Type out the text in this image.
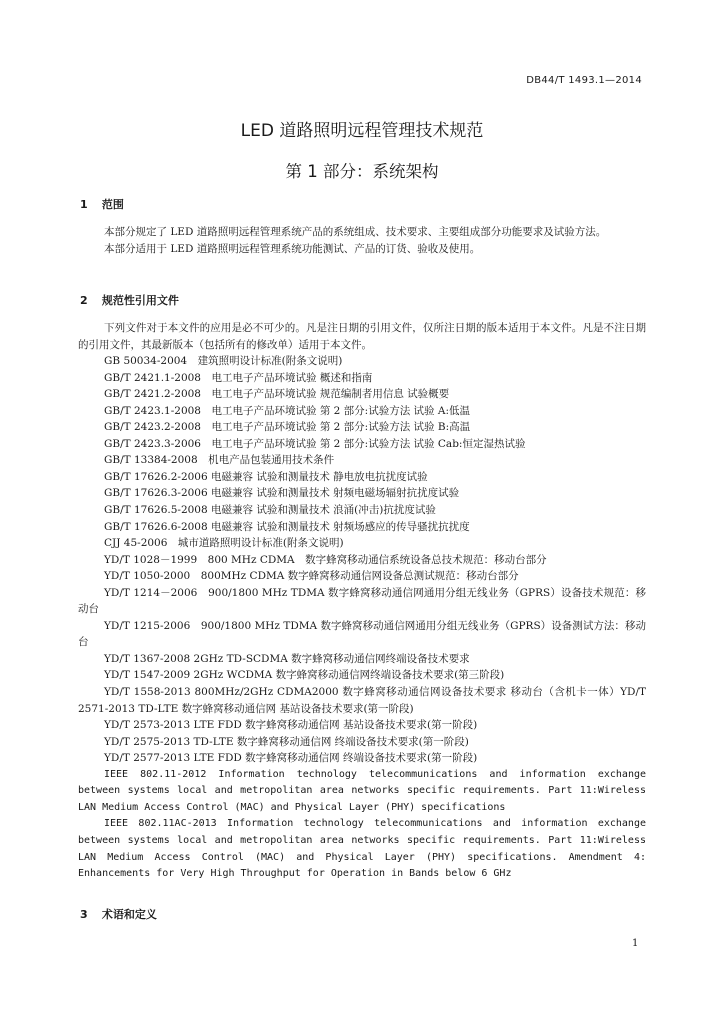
DB44/T 1493.1—2014
LED 道路照明远程管理技术规范
第 1 部分：系统架构
1 范围

本部分规定了 LED 道路照明远程管理系统产品的系统组成、技术要求、主要组成部分功能要求及试验方法。

本部分适用于 LED 道路照明远程管理系统功能测试、产品的订货、验收及使用。

2 规范性引用文件

下列文件对于本文件的应用是必不可少的。凡是注日期的引用文件，仅所注日期的版本适用于本文件。凡是不注日期的引用文件，其最新版本（包括所有的修改单）适用于本文件。

GB 50034-2004　建筑照明设计标准(附条文说明)

GB/T 2421.1-2008　电工电子产品环境试验 概述和指南

GB/T 2421.2-2008　电工电子产品环境试验 规范编制者用信息 试验概要

GB/T 2423.1-2008　电工电子产品环境试验 第 2 部分:试验方法 试验 A:低温

GB/T 2423.2-2008　电工电子产品环境试验 第 2 部分:试验方法 试验 B:高温

GB/T 2423.3-2006　电工电子产品环境试验 第 2 部分:试验方法 试验 Cab:恒定湿热试验

GB/T 13384-2008　机电产品包装通用技术条件

GB/T 17626.2-2006 电磁兼容 试验和测量技术 静电放电抗扰度试验

GB/T 17626.3-2006 电磁兼容 试验和测量技术 射频电磁场辐射抗扰度试验

GB/T 17626.5-2008 电磁兼容 试验和测量技术 浪涌(冲击)抗扰度试验

GB/T 17626.6-2008 电磁兼容 试验和测量技术 射频场感应的传导骚扰抗扰度

CJJ 45-2006　城市道路照明设计标准(附条文说明)

YD/T 1028－1999　800 MHz CDMA　数字蜂窝移动通信系统设备总技术规范：移动台部分

YD/T 1050-2000　800MHz CDMA 数字蜂窝移动通信网设备总测试规范：移动台部分

YD/T 1214－2006　900/1800 MHz TDMA 数字蜂窝移动通信网通用分组无线业务（GPRS）设备技术规范：移动台

YD/T 1215-2006　900/1800 MHz TDMA 数字蜂窝移动通信网通用分组无线业务（GPRS）设备测试方法：移动台

YD/T 1367-2008 2GHz TD-SCDMA 数字蜂窝移动通信网终端设备技术要求

YD/T 1547-2009 2GHz WCDMA 数字蜂窝移动通信网终端设备技术要求(第三阶段)

YD/T 1558-2013 800MHz/2GHz CDMA2000 数字蜂窝移动通信网设备技术要求 移动台（含机卡一体）YD/T 2571-2013 TD-LTE 数字蜂窝移动通信网 基站设备技术要求(第一阶段)

YD/T 2573-2013 LTE FDD 数字蜂窝移动通信网 基站设备技术要求(第一阶段)

YD/T 2575-2013 TD-LTE 数字蜂窝移动通信网 终端设备技术要求(第一阶段)

YD/T 2577-2013 LTE FDD 数字蜂窝移动通信网 终端设备技术要求(第一阶段)

IEEE 802.11-2012 Information technology telecommunications and information exchange between systems local and metropolitan area networks specific requirements. Part 11:Wireless LAN Medium Access Control (MAC) and Physical Layer (PHY) specifications

IEEE 802.11AC-2013 Information technology telecommunications and information exchange between systems local and metropolitan area networks specific requirements. Part 11:Wireless LAN Medium Access Control (MAC) and Physical Layer (PHY) specifications. Amendment 4: Enhancements for Very High Throughput for Operation in Bands below 6 GHz

3 术语和定义
1
